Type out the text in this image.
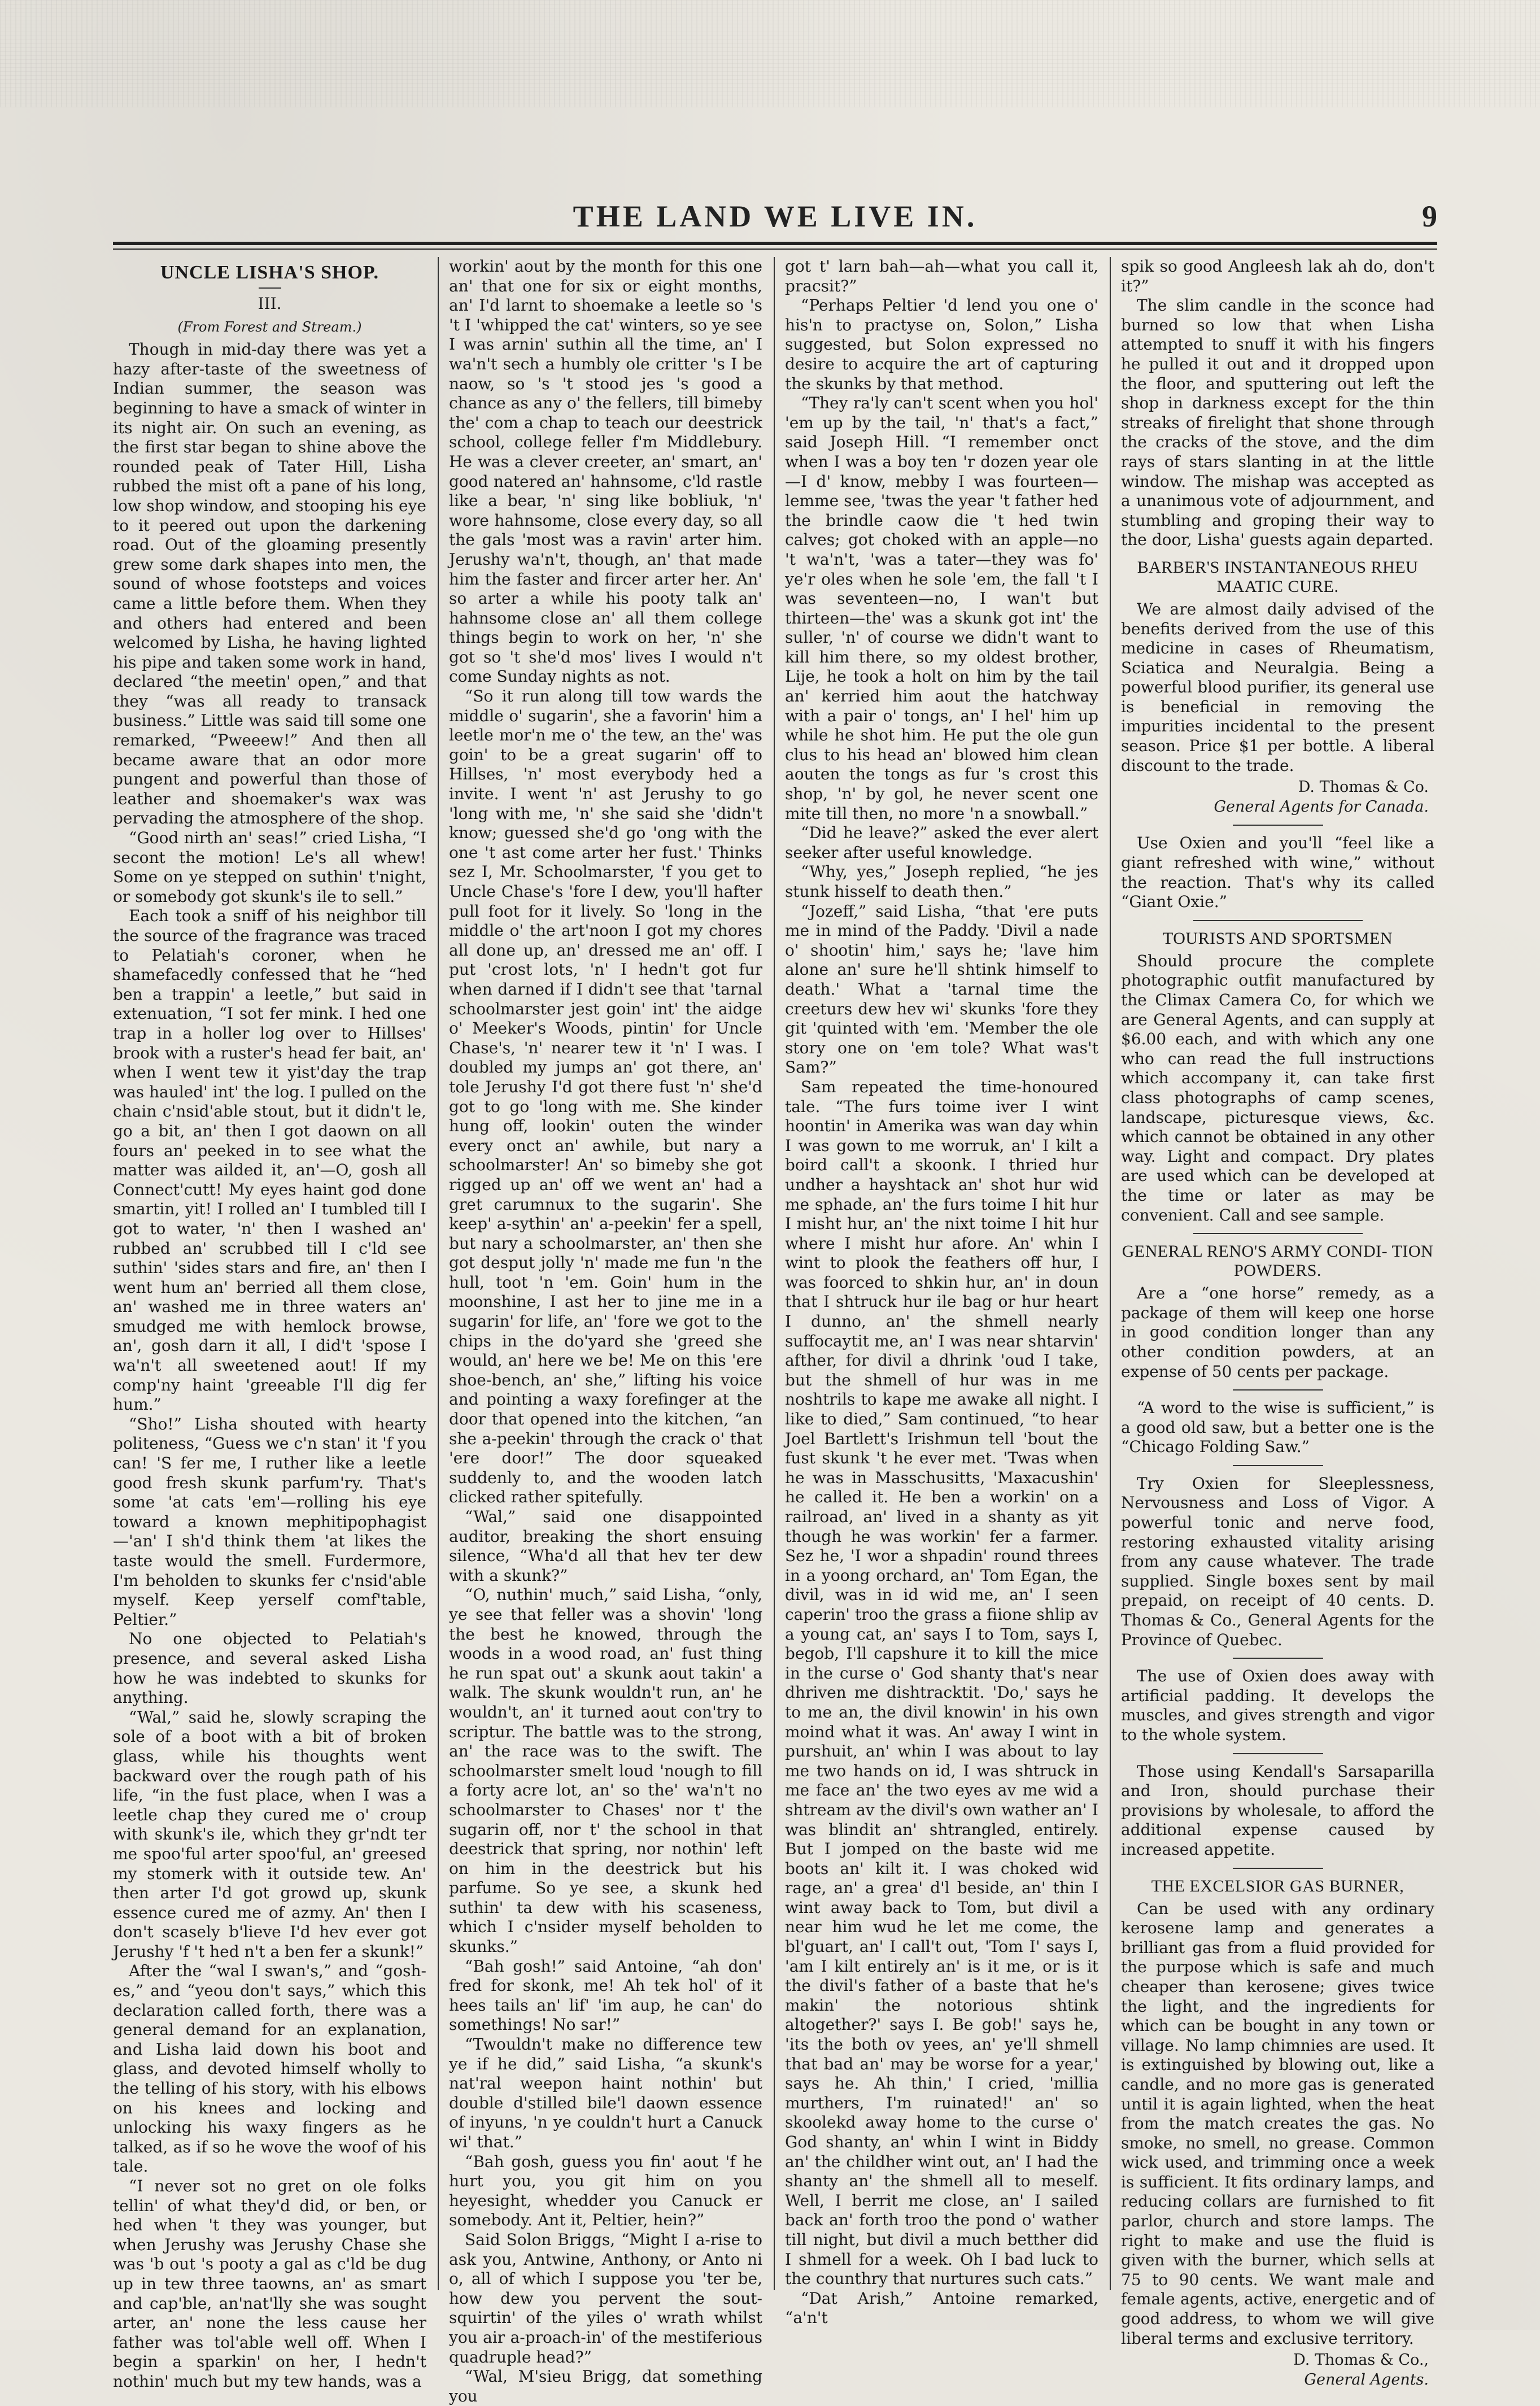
THE LAND WE LIVE IN.	9
UNCLE LISHA'S SHOP.
III.
(From Forest and Stream.)

Though in mid-day there was yet a hazy after-taste of the sweetness of Indian summer, the season was beginning to have a smack of winter in its night air. On such an evening, as the first star began to shine above the rounded peak of Tater Hill, Lisha rubbed the mist oft a pane of his long, low shop window, and stooping his eye to it peered out upon the darkening road. Out of the gloaming presently grew some dark shapes into men, the sound of whose footsteps and voices came a little before them. When they and others had entered and been welcomed by Lisha, he having lighted his pipe and taken some work in hand, declared “the meetin' open,” and that they “was all ready to transack business.” Little was said till some one remarked, “Pweeew!” And then all became aware that an odor more pungent and powerful than those of leather and shoemaker's wax was pervading the atmosphere of the shop.

“Good nirth an' seas!” cried Lisha, “I secont the motion! Le's all whew! Some on ye stepped on suthin' t'night, or somebody got skunk's ile to sell.”

Each took a sniff of his neighbor till the source of the fragrance was traced to Pelatiah's coroner, when he shamefacedly confessed that he “hed ben a trappin' a leetle,” but said in extenuation, “I sot fer mink. I hed one trap in a holler log over to Hillses' brook with a ruster's head fer bait, an' when I went tew it yist'day the trap was hauled' int' the log. I pulled on the chain c'nsid'able stout, but it didn't le, go a bit, an' then I got daown on all fours an' peeked in to see what the matter was ailded it, an'—O, gosh all Connect'cutt! My eyes haint god done smartin, yit! I rolled an' I tumbled till I got to water, 'n' then I washed an' rubbed an' scrubbed till I c'ld see suthin' 'sides stars and fire, an' then I went hum an' berried all them close, an' washed me in three waters an' smudged me with hemlock browse, an', gosh darn it all, I did't 'spose I wa'n't all sweetened aout! If my comp'ny haint 'greeable I'll dig fer hum.”

“Sho!” Lisha shouted with hearty politeness, “Guess we c'n stan' it 'f you can! 'S fer me, I ruther like a leetle good fresh skunk parfum'ry. That's some 'at cats 'em'—rolling his eye toward a known mephitipophagist—'an' I sh'd think them 'at likes the taste would the smell. Furdermore, I'm beholden to skunks fer c'nsid'able myself. Keep yerself comf'table, Peltier.”

No one objected to Pelatiah's presence, and several asked Lisha how he was indebted to skunks for anything.

“Wal,” said he, slowly scraping the sole of a boot with a bit of broken glass, while his thoughts went backward over the rough path of his life, “in the fust place, when I was a leetle chap they cured me o' croup with skunk's ile, which they gr'ndt ter me spoo'ful arter spoo'ful, an' greesed my stomerk with it outside tew. An' then arter I'd got growd up, skunk essence cured me of azmy. An' then I don't scasely b'lieve I'd hev ever got Jerushy 'f 't hed n't a ben fer a skunk!”

After the “wal I swan's,” and “gosh-es,” and “yeou don't says,” which this declaration called forth, there was a general demand for an explanation, and Lisha laid down his boot and glass, and devoted himself wholly to the telling of his story, with his elbows on his knees and locking and unlocking his waxy fingers as he talked, as if so he wove the woof of his tale.

“I never sot no gret on ole folks tellin' of what they'd did, or ben, or hed when 't they was younger, but when Jerushy was Jerushy Chase she was 'b out 's pooty a gal as c'ld be dug up in tew three taowns, an' as smart and cap'ble, an'nat'lly she was sought arter, an' none the less cause her father was tol'able well off. When I begin a sparkin' on her, I hedn't nothin' much but my tew hands, was a

workin' aout by the month for this one an' that one for six or eight months, an' I'd larnt to shoemake a leetle so 's 't I 'whipped the cat' winters, so ye see I was arnin' suthin all the time, an' I wa'n't sech a humbly ole critter 's I be naow, so 's 't stood jes 's good a chance as any o' the fellers, till bimeby the' com a chap to teach our deestrick school, college feller f'm Middlebury. He was a clever creeter, an' smart, an' good natered an' hahnsome, c'ld rastle like a bear, 'n' sing like bobliuk, 'n' wore hahnsome, close every day, so all the gals 'most was a ravin' arter him. Jerushy wa'n't, though, an' that made him the faster and fircer arter her. An' so arter a while his pooty talk an' hahnsome close an' all them college things begin to work on her, 'n' she got so 't she'd mos' lives I would n't come Sunday nights as not.

“So it run along till tow wards the middle o' sugarin', she a favorin' him a leetle mor'n me o' the tew, an the' was goin' to be a great sugarin' off to Hillses, 'n' most everybody hed a invite. I went 'n' ast Jerushy to go 'long with me, 'n' she said she 'didn't know; guessed she'd go 'ong with the one 't ast come arter her fust.' Thinks sez I, Mr. Schoolmarster, 'f you get to Uncle Chase's 'fore I dew, you'll hafter pull foot for it lively. So 'long in the middle o' the art'noon I got my chores all done up, an' dressed me an' off. I put 'crost lots, 'n' I hedn't got fur when darned if I didn't see that 'tarnal schoolmarster jest goin' int' the aidge o' Meeker's Woods, pintin' for Uncle Chase's, 'n' nearer tew it 'n' I was. I doubled my jumps an' got there, an' tole Jerushy I'd got there fust 'n' she'd got to go 'long with me. She kinder hung off, lookin' outen the winder every onct an' awhile, but nary a schoolmarster! An' so bimeby she got rigged up an' off we went an' had a gret carumnux to the sugarin'. She keep' a-sythin' an' a-peekin' fer a spell, but nary a schoolmarster, an' then she got desput jolly 'n' made me fun 'n the hull, toot 'n 'em. Goin' hum in the moonshine, I ast her to jine me in a sugarin' for life, an' 'fore we got to the chips in the do'yard she 'greed she would, an' here we be! Me on this 'ere shoe-bench, an' she,” lifting his voice and pointing a waxy forefinger at the door that opened into the kitchen, “an she a-peekin' through the crack o' that 'ere door!” The door squeaked suddenly to, and the wooden latch clicked rather spitefully.

“Wal,” said one disappointed auditor, breaking the short ensuing silence, “Wha'd all that hev ter dew with a skunk?”

“O, nuthin' much,” said Lisha, “only, ye see that feller was a shovin' 'long the best he knowed, through the woods in a wood road, an' fust thing he run spat out' a skunk aout takin' a walk. The skunk wouldn't run, an' he wouldn't, an' it turned aout con'try to scriptur. The battle was to the strong, an' the race was to the swift. The schoolmarster smelt loud 'nough to fill a forty acre lot, an' so the' wa'n't no schoolmarster to Chases' nor t' the sugarin off, nor t' the school in that deestrick that spring, nor nothin' left on him in the deestrick but his parfume. So ye see, a skunk hed suthin' ta dew with his scaseness, which I c'nsider myself beholden to skunks.”

“Bah gosh!” said Antoine, “ah don' fred for skonk, me! Ah tek hol' of it hees tails an' lif' 'im aup, he can' do somethings! No sar!”

“Twouldn't make no difference tew ye if he did,” said Lisha, “a skunk's nat'ral weepon haint nothin' but double d'stilled bile'l daown essence of inyuns, 'n ye couldn't hurt a Canuck wi' that.”

“Bah gosh, guess you fin' aout 'f he hurt you, you git him on you heyesight, whedder you Canuck er somebody. Ant it, Peltier, hein?”

Said Solon Briggs, “Might I a-rise to ask you, Antwine, Anthony, or Anto ni o, all of which I suppose you 'ter be, how dew you pervent the sout-squirtin' of the yiles o' wrath whilst you air a-proach-in' of the mestiferious quadruple head?”

“Wal, M'sieu Brigg, dat something you

got t' larn bah—ah—what you call it, pracsit?”

“Perhaps Peltier 'd lend you one o' his'n to practyse on, Solon,” Lisha suggested, but Solon expressed no desire to acquire the art of capturing the skunks by that method.

“They ra'ly can't scent when you hol' 'em up by the tail, 'n' that's a fact,” said Joseph Hill. “I remember onct when I was a boy ten 'r dozen year ole—I d' know, mebby I was fourteen—lemme see, 'twas the year 't father hed the brindle caow die 't hed twin calves; got choked with an apple—no 't wa'n't, 'was a tater—they was fo' ye'r oles when he sole 'em, the fall 't I was seventeen—no, I wan't but thirteen—the' was a skunk got int' the suller, 'n' of course we didn't want to kill him there, so my oldest brother, Lije, he took a holt on him by the tail an' kerried him aout the hatchway with a pair o' tongs, an' I hel' him up while he shot him. He put the ole gun clus to his head an' blowed him clean aouten the tongs as fur 's crost this shop, 'n' by gol, he never scent one mite till then, no more 'n a snowball.”

“Did he leave?” asked the ever alert seeker after useful knowledge.

“Why, yes,” Joseph replied, “he jes stunk hisself to death then.”

“Jozeff,” said Lisha, “that 'ere puts me in mind of the Paddy. 'Divil a nade o' shootin' him,' says he; 'lave him alone an' sure he'll shtink himself to death.' What a 'tarnal time the creeturs dew hev wi' skunks 'fore they git 'quinted with 'em. 'Member the ole story one on 'em tole? What was't Sam?”

Sam repeated the time-honoured tale. “The furs toime iver I wint hoontin' in Amerika was wan day whin I was gown to me worruk, an' I kilt a boird call't a skoonk. I thried hur undher a hayshtack an' shot hur wid me sphade, an' the furs toime I hit hur I misht hur, an' the nixt toime I hit hur where I misht hur afore. An' whin I wint to plook the feathers off hur, I was foorced to shkin hur, an' in doun that I shtruck hur ile bag or hur heart I dunno, an' the shmell nearly suffocaytit me, an' I was near shtarvin' afther, for divil a dhrink 'oud I take, but the shmell of hur was in me noshtrils to kape me awake all night. I like to died,” Sam continued, “to hear Joel Bartlett's Irishmun tell 'bout the fust skunk 't he ever met. 'Twas when he was in Masschusitts, 'Maxacushin' he called it. He ben a workin' on a railroad, an' lived in a shanty as yit though he was workin' fer a farmer. Sez he, 'I wor a shpadin' round threes in a yoong orchard, an' Tom Egan, the divil, was in id wid me, an' I seen caperin' troo the grass a fiione shlip av a young cat, an' says I to Tom, says I, begob, I'll capshure it to kill the mice in the curse o' God shanty that's near dhriven me dishtracktit. 'Do,' says he to me an, the divil knowin' in his own moind what it was. An' away I wint in purshuit, an' whin I was about to lay me two hands on id, I was shtruck in me face an' the two eyes av me wid a shtream av the divil's own wather an' I was blindit an' shtrangled, entirely. But I jomped on the baste wid me boots an' kilt it. I was choked wid rage, an' a grea' d'l beside, an' thin I wint away back to Tom, but divil a near him wud he let me come, the bl'guart, an' I call't out, 'Tom I' says I, 'am I kilt entirely an' is it me, or is it the divil's father of a baste that he's makin' the notorious shtink altogether?' says I. Be gob!' says he, 'its the both ov yees, an' ye'll shmell that bad an' may be worse for a year,' says he. Ah thin,' I cried, 'millia murthers, I'm ruinated!' an' so skoolekd away home to the curse o' God shanty, an' whin I wint in Biddy an' the childher wint out, an' I had the shanty an' the shmell all to meself. Well, I berrit me close, an' I sailed back an' forth troo the pond o' wather till night, but divil a much betther did I shmell for a week. Oh I bad luck to the counthry that nurtures such cats.”

“Dat Arish,” Antoine remarked, “a'n't

spik so good Angleesh lak ah do, don't it?”

The slim candle in the sconce had burned so low that when Lisha attempted to snuff it with his fingers he pulled it out and it dropped upon the floor, and sputtering out left the shop in darkness except for the thin streaks of firelight that shone through the cracks of the stove, and the dim rays of stars slanting in at the little window. The mishap was accepted as a unanimous vote of adjournment, and stumbling and groping their way to the door, Lisha' guests again departed.

BARBER'S INSTANTANEOUS RHEU MAATIC CURE.

We are almost daily advised of the benefits derived from the use of this medicine in cases of Rheumatism, Sciatica and Neuralgia. Being a powerful blood purifier, its general use is beneficial in removing the impurities incidental to the present season. Price $1 per bottle. A liberal discount to the trade.

D. Thomas & Co.
General Agents for Canada.

Use Oxien and you'll “feel like a giant refreshed with wine,” without the reaction. That's why its called “Giant Oxie.”

TOURISTS AND SPORTSMEN

Should procure the complete photographic outfit manufactured by the Climax Camera Co, for which we are General Agents, and can supply at $6.00 each, and with which any one who can read the full instructions which accompany it, can take first class photographs of camp scenes, landscape, picturesque views, &c. which cannot be obtained in any other way. Light and compact. Dry plates are used which can be developed at the time or later as may be convenient. Call and see sample.

GENERAL RENO'S ARMY CONDI- TION POWDERS.

Are a “one horse” remedy, as a package of them will keep one horse in good condition longer than any other condition powders, at an expense of 50 cents per package.

“A word to the wise is sufficient,” is a good old saw, but a better one is the “Chicago Folding Saw.”

Try Oxien for Sleeplessness, Nervousness and Loss of Vigor. A powerful tonic and nerve food, restoring exhausted vitality arising from any cause whatever. The trade supplied. Single boxes sent by mail prepaid, on receipt of 40 cents. D. Thomas & Co., General Agents for the Province of Quebec.

The use of Oxien does away with artificial padding. It develops the muscles, and gives strength and vigor to the whole system.

Those using Kendall's Sarsaparilla and Iron, should purchase their provisions by wholesale, to afford the additional expense caused by increased appetite.

THE EXCELSIOR GAS BURNER,

Can be used with any ordinary kerosene lamp and generates a brilliant gas from a fluid provided for the purpose which is safe and much cheaper than kerosene; gives twice the light, and the ingredients for which can be bought in any town or village. No lamp chimnies are used. It is extinguished by blowing out, like a candle, and no more gas is generated until it is again lighted, when the heat from the match creates the gas. No smoke, no smell, no grease. Common wick used, and trimming once a week is sufficient. It fits ordinary lamps, and reducing collars are furnished to fit parlor, church and store lamps. The right to make and use the fluid is given with the burner, which sells at 75 to 90 cents. We want male and female agents, active, energetic and of good address, to whom we will give liberal terms and exclusive territory.

D. Thomas & Co.,
General Agents.
